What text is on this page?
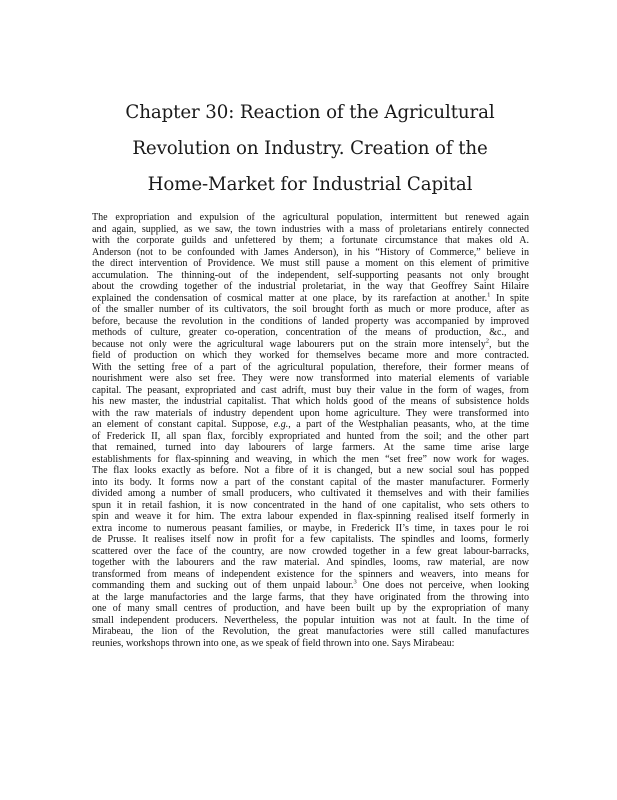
Chapter 30: Reaction of the Agricultural
Revolution on Industry. Creation of the
Home-Market for Industrial Capital
The expropriation and expulsion of the agricultural population, intermittent but renewed again
and again, supplied, as we saw, the town industries with a mass of proletarians entirely connected
with the corporate guilds and unfettered by them; a fortunate circumstance that makes old A.
Anderson (not to be confounded with James Anderson), in his “History of Commerce,” believe in
the direct intervention of Providence. We must still pause a moment on this element of primitive
accumulation. The thinning-out of the independent, self-supporting peasants not only brought
about the crowding together of the industrial proletariat, in the way that Geoffrey Saint Hilaire
explained the condensation of cosmical matter at one place, by its rarefaction at another.$^1$ In spite
of the smaller number of its cultivators, the soil brought forth as much or more produce, after as
before, because the revolution in the conditions of landed property was accompanied by improved
methods of culture, greater co-operation, concentration of the means of production, &c., and
because not only were the agricultural wage labourers put on the strain more intensely$^2$, but the
field of production on which they worked for themselves became more and more contracted.
With the setting free of a part of the agricultural population, therefore, their former means of
nourishment were also set free. They were now transformed into material elements of variable
capital. The peasant, expropriated and cast adrift, must buy their value in the form of wages, from
his new master, the industrial capitalist. That which holds good of the means of subsistence holds
with the raw materials of industry dependent upon home agriculture. They were transformed into
an element of constant capital. Suppose, e.g., a part of the Westphalian peasants, who, at the time
of Frederick II, all span flax, forcibly expropriated and hunted from the soil; and the other part
that remained, turned into day labourers of large farmers. At the same time arise large
establishments for flax-spinning and weaving, in which the men “set free” now work for wages.
The flax looks exactly as before. Not a fibre of it is changed, but a new social soul has popped
into its body. It forms now a part of the constant capital of the master manufacturer. Formerly
divided among a number of small producers, who cultivated it themselves and with their families
spun it in retail fashion, it is now concentrated in the hand of one capitalist, who sets others to
spin and weave it for him. The extra labour expended in flax-spinning realised itself formerly in
extra income to numerous peasant families, or maybe, in Frederick II’s time, in taxes pour le roi
de Prusse. It realises itself now in profit for a few capitalists. The spindles and looms, formerly
scattered over the face of the country, are now crowded together in a few great labour-barracks,
together with the labourers and the raw material. And spindles, looms, raw material, are now
transformed from means of independent existence for the spinners and weavers, into means for
commanding them and sucking out of them unpaid labour.$^3$ One does not perceive, when looking
at the large manufactories and the large farms, that they have originated from the throwing into
one of many small centres of production, and have been built up by the expropriation of many
small independent producers. Nevertheless, the popular intuition was not at fault. In the time of
Mirabeau, the lion of the Revolution, the great manufactories were still called manufactures
reunies, workshops thrown into one, as we speak of field thrown into one. Says Mirabeau:
